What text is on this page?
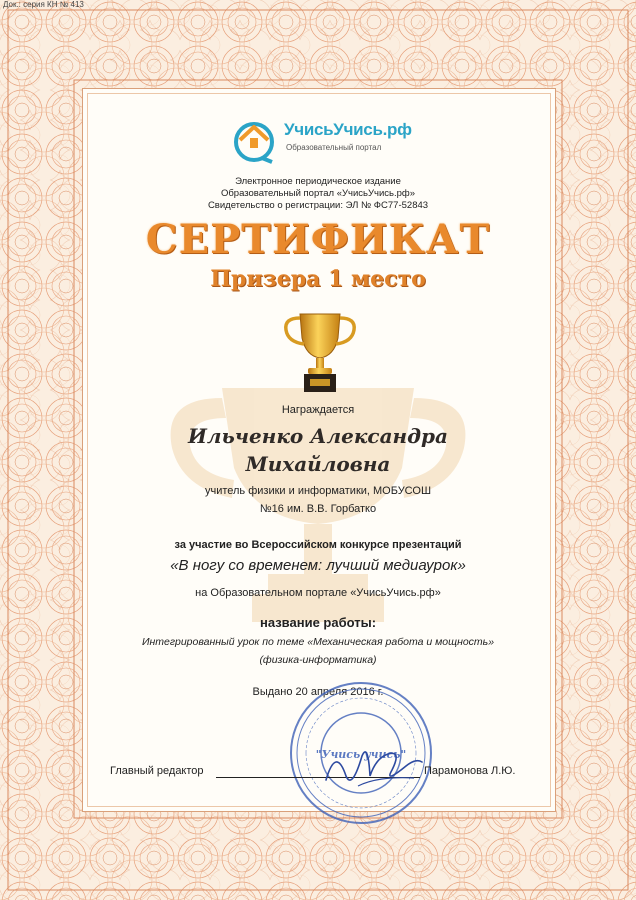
Док.: серия КН № 413
УчисьУчись.рф
Образовательный портал
Электронное периодическое издание
Образовательный портал «УчисьУчись.рф»
Свидетельство о регистрации: ЭЛ № ФС77-52843
СЕРТИФИКАТ
Призера 1 место
Награждается
Ильченко Александра
Михайловна
учитель физики и информатики, МОБУСОШ
№16 им. В.В. Горбатко
за участие во Всероссийском конкурсе презентаций
«В ногу со временем: лучший медиаурок»
на Образовательном портале «УчисьУчись.рф»
название работы:
Интегрированный урок по теме «Механическая работа и мощность»
(физика-информатика)
Выдано 20 апреля 2016 г.
"Учись учись"
Главный редактор	Парамонова Л.Ю.
